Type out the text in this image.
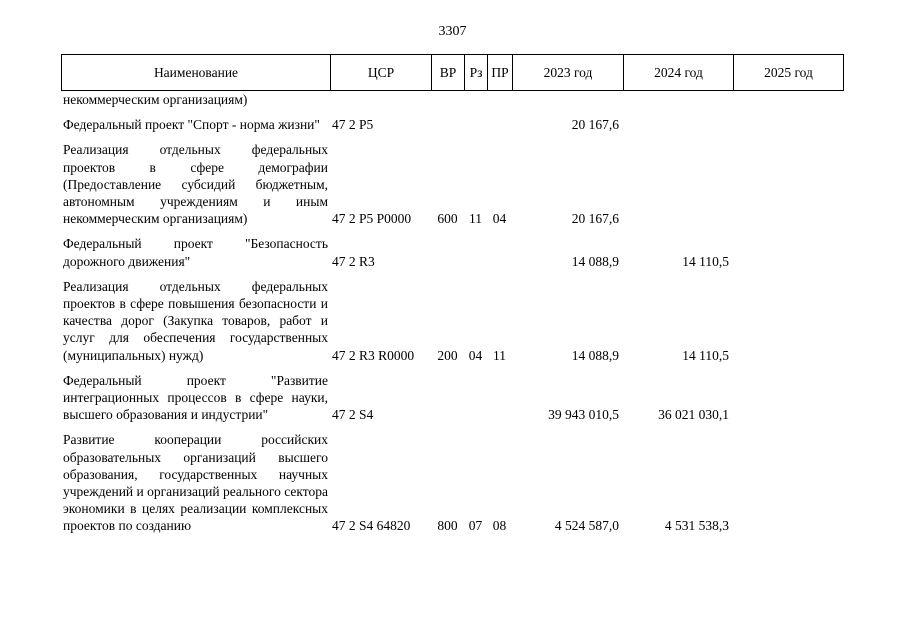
3307
Наименование	ЦСР	ВР	Рз	ПР	2023 год	2024 год	2025 год
некоммерческим организациям)							

Федеральный проект "Спорт - норма жизни"	47 2 P5				20 167,6		

Реализация отдельных федеральных проектов в сфере демографии (Предоставление субсидий бюджетным, автономным учреждениям и иным некоммерческим организациям)	47 2 P5 P0000	600	11	04	20 167,6		

Федеральный проект "Безопасность дорожного движения"	47 2 R3				14 088,9	14 110,5	

Реализация отдельных федеральных проектов в сфере повышения безопасности и качества дорог (Закупка товаров, работ и услуг для обеспечения государственных (муниципальных) нужд)	47 2 R3 R0000	200	04	11	14 088,9	14 110,5	

Федеральный проект "Развитие интеграционных процессов в сфере науки, высшего образования и индустрии"	47 2 S4				39 943 010,5	36 021 030,1	

Развитие кооперации российских образовательных организаций высшего образования, государственных научных учреждений и организаций реального сектора экономики в целях реализации комплексных проектов по созданию	47 2 S4 64820	800	07	08	4 524 587,0	4 531 538,3	
